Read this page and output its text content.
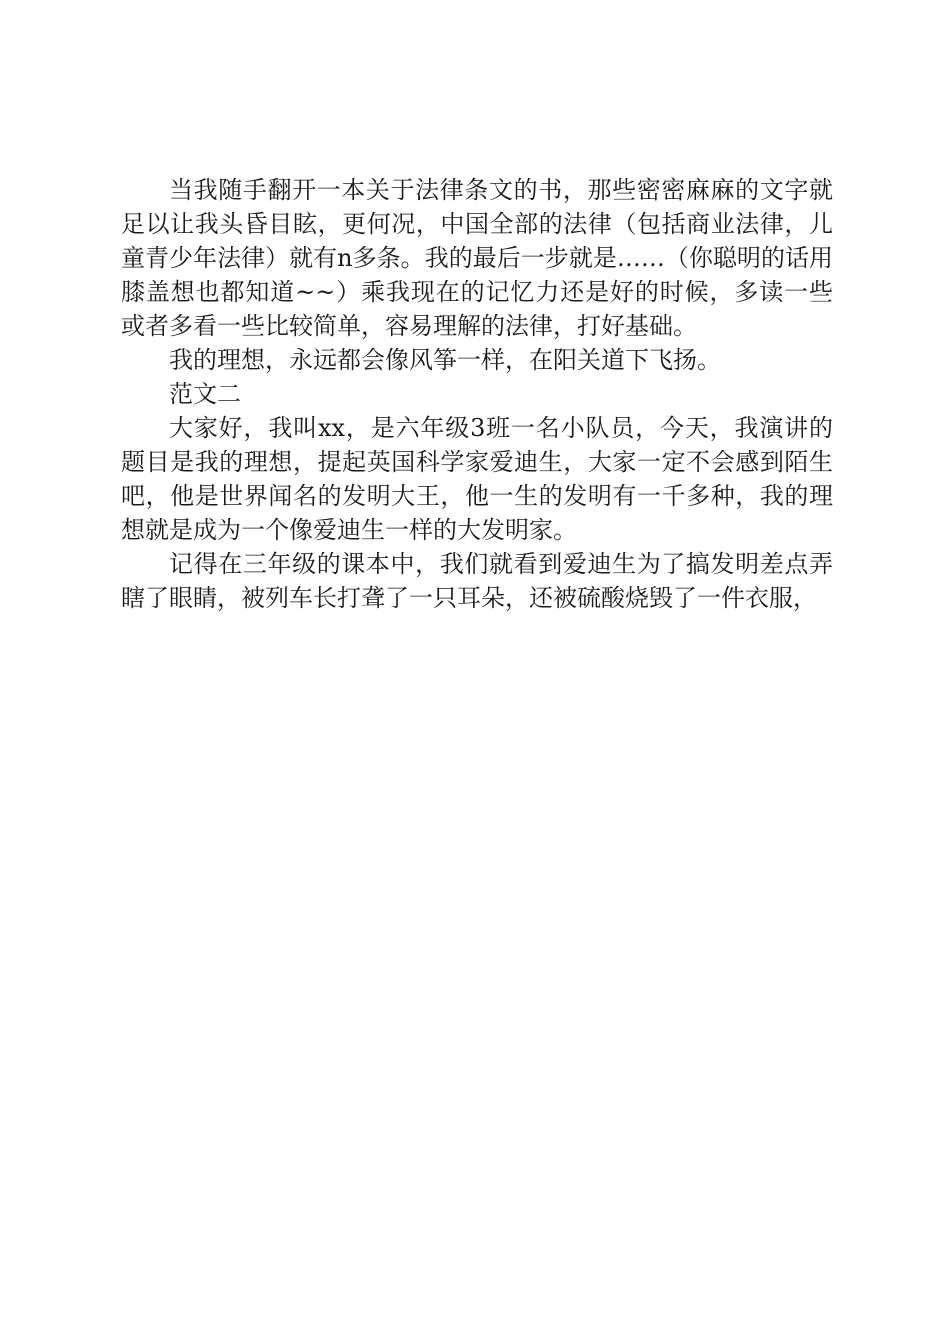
当我随手翻开一本关于法律条文的书，那些密密麻麻的文字就足以让我头昏目眩，更何况，中国全部的法律（包括商业法律，儿童青少年法律）就有n多条。我的最后一步就是……（你聪明的话用膝盖想也都知道~~）乘我现在的记忆力还是好的时候，多读一些或者多看一些比较简单，容易理解的法律，打好基础。

我的理想，永远都会像风筝一样，在阳关道下飞扬。

范文二

大家好，我叫xx，是六年级3班一名小队员，今天，我演讲的题目是我的理想，提起英国科学家爱迪生，大家一定不会感到陌生吧，他是世界闻名的发明大王，他一生的发明有一千多种，我的理想就是成为一个像爱迪生一样的大发明家。

记得在三年级的课本中，我们就看到爱迪生为了搞发明差点弄瞎了眼睛，被列车长打聋了一只耳朵，还被硫酸烧毁了一件衣服，
